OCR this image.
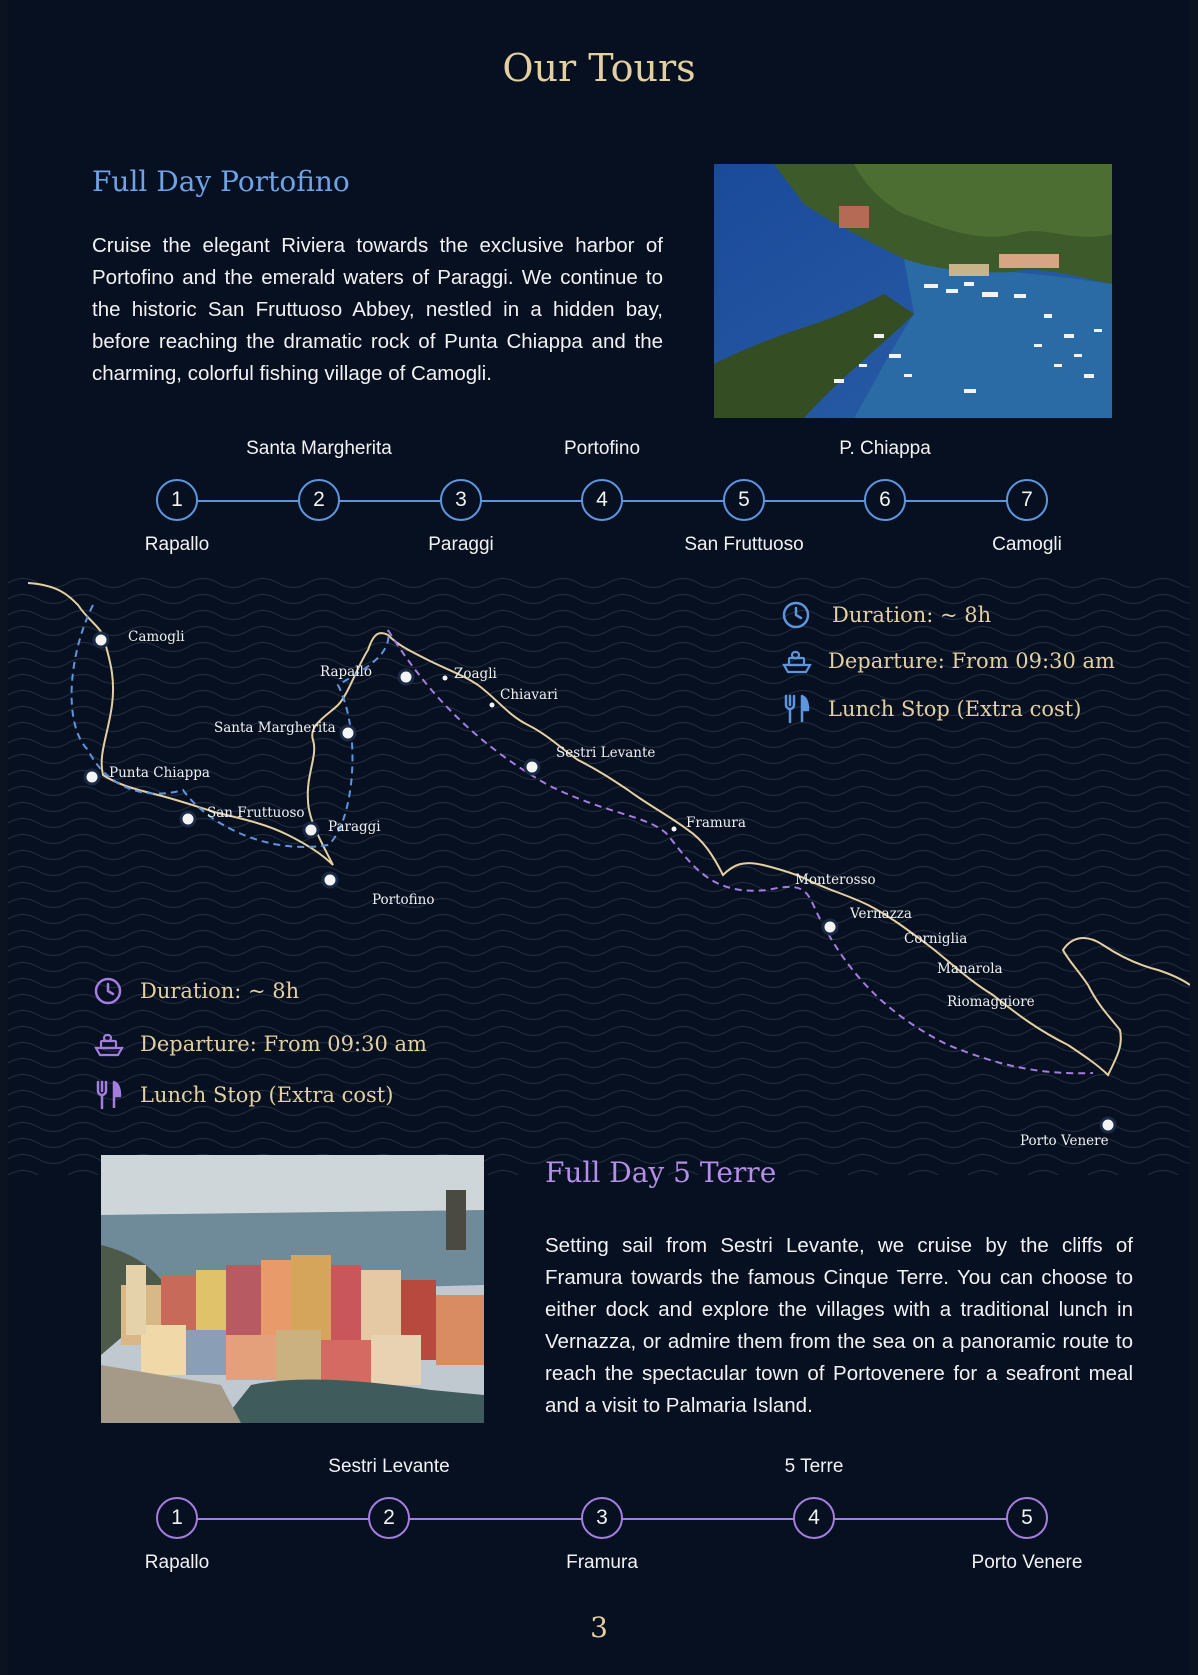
Our Tours
Full Day Portofino
Cruise the elegant Riviera towards the exclusive harbor of Portofino and the emerald waters of Paraggi. We continue to the historic San Fruttuoso Abbey, nestled in a hidden bay, before reaching the dramatic rock of Punta Chiappa and the charming, colorful fishing village of Camogli.
Rapallo
1
Santa Margherita
2
Paraggi
3
Portofino
4
San Fruttuoso
5
P. Chiappa
6
Camogli
7
Camogli
Rapallo	Zoagli
Chiavari
Santa Margherita
Sestri Levante
Punta Chiappa
San Fruttuoso
Paraggi	Framura
Portofino
Monterosso
Vernazza
Corniglia
Manarola
Riomaggiore
Porto Venere
Duration: ~ 8h
Departure: From 09:30 am
Lunch Stop (Extra cost)
Duration: ~ 8h
Departure: From 09:30 am
Lunch Stop (Extra cost)
Full Day 5 Terre
Setting sail from Sestri Levante, we cruise by the cliffs of Framura towards the famous Cinque Terre. You can choose to either dock and explore the villages with a traditional lunch in Vernazza, or admire them from the sea on a panoramic route to reach the spectacular town of Portovenere for a seafront meal and a visit to Palmaria Island.
Rapallo
1
Sestri Levante
2
Framura
3
5 Terre
4
Porto Venere
5
3
